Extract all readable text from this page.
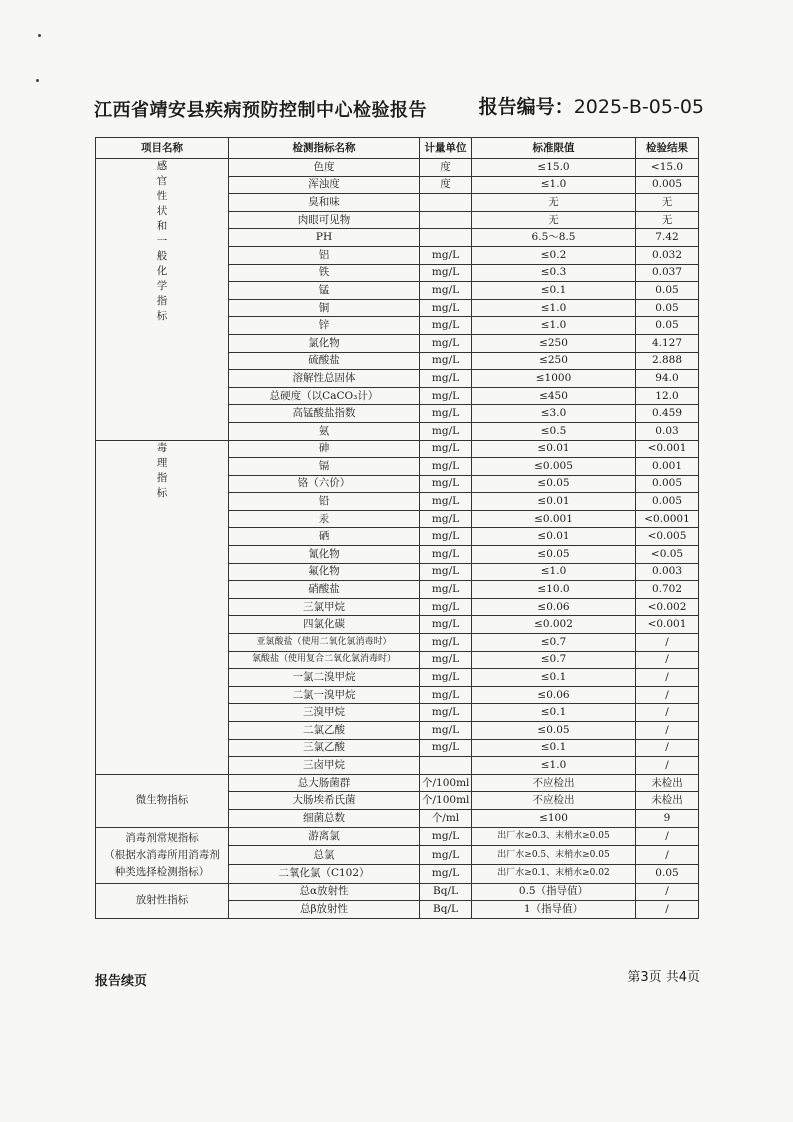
江西省靖安县疾病预防控制中心检验报告	报告编号：2025-B-05-05
项目名称	检测指标名称	计量单位	标准限值	检验结果
感官性状和一般化学指标	色度	度	≤15.0	<15.0
	浑浊度	度	≤1.0	0.005
	臭和味		无	无
	肉眼可见物		无	无
	PH		6.5～8.5	7.42
	铝	mg/L	≤0.2	0.032
	铁	mg/L	≤0.3	0.037
	锰	mg/L	≤0.1	0.05
	铜	mg/L	≤1.0	0.05
	锌	mg/L	≤1.0	0.05
	氯化物	mg/L	≤250	4.127
	硫酸盐	mg/L	≤250	2.888
	溶解性总固体	mg/L	≤1000	94.0
	总硬度（以CaCO₃计）	mg/L	≤450	12.0
	高锰酸盐指数	mg/L	≤3.0	0.459
	氨	mg/L	≤0.5	0.03
毒理指标	砷	mg/L	≤0.01	<0.001
	镉	mg/L	≤0.005	0.001
	铬（六价）	mg/L	≤0.05	0.005
	铅	mg/L	≤0.01	0.005
	汞	mg/L	≤0.001	<0.0001
	硒	mg/L	≤0.01	<0.005
	氰化物	mg/L	≤0.05	<0.05
	氟化物	mg/L	≤1.0	0.003
	硝酸盐	mg/L	≤10.0	0.702
	三氯甲烷	mg/L	≤0.06	<0.002
	四氯化碳	mg/L	≤0.002	<0.001
	亚氯酸盐（使用二氧化氯消毒时）	mg/L	≤0.7	/
	氯酸盐（使用复合二氧化氯消毒时）	mg/L	≤0.7	/
	一氯二溴甲烷	mg/L	≤0.1	/
	二氯一溴甲烷	mg/L	≤0.06	/
	三溴甲烷	mg/L	≤0.1	/
	二氯乙酸	mg/L	≤0.05	/
	三氯乙酸	mg/L	≤0.1	/
	三卤甲烷		≤1.0	/
微生物指标	总大肠菌群	个/100ml	不应检出	未检出
	大肠埃希氏菌	个/100ml	不应检出	未检出
	细菌总数	个/ml	≤100	9

消毒剂常规指标
（根据水消毒所用消毒剂种类选择检测指标）	游离氯	mg/L	出厂水≥0.3、末梢水≥0.05	/
	总氯	mg/L	出厂水≥0.5、末梢水≥0.05	/
	二氧化氯（C102）	mg/L	出厂水≥0.1、末梢水≥0.02	0.05
放射性指标	总α放射性	Bq/L	0.5（指导值）	/
	总β放射性	Bq/L	1（指导值）	/
报告续页	第3页 共4页
